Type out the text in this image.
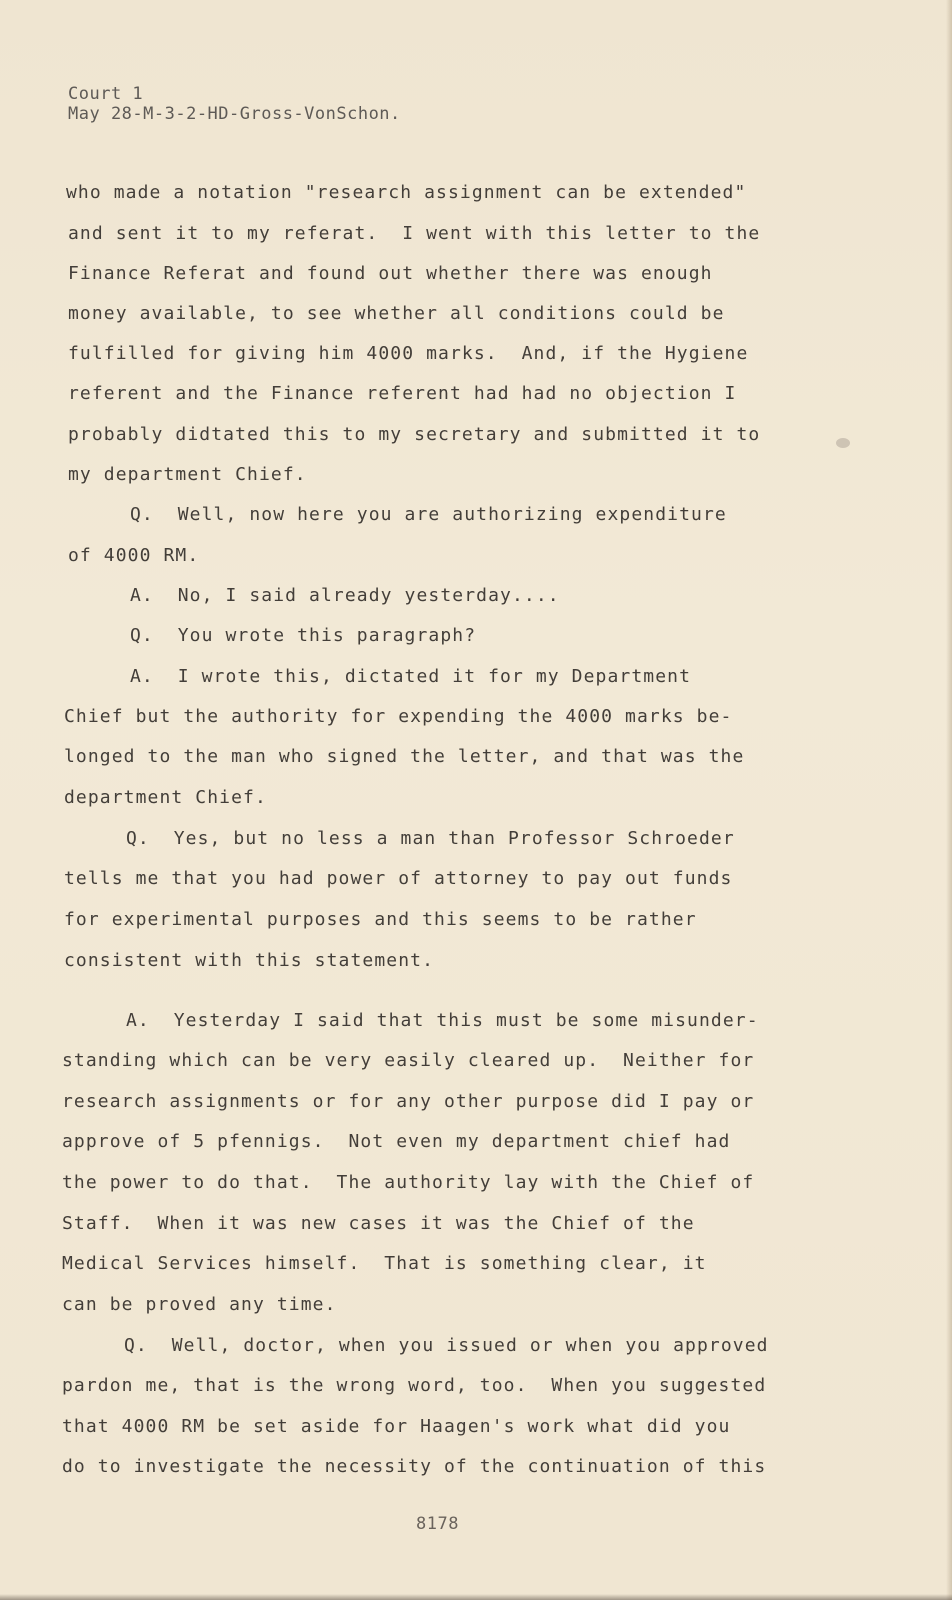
Court 1
May 28-M-3-2-HD-Gross-VonSchon.
who made a notation "research assignment can be extended"
and sent it to my referat.  I went with this letter to the
Finance Referat and found out whether there was enough
money available, to see whether all conditions could be
fulfilled for giving him 4000 marks.  And, if the Hygiene
referent and the Finance referent had had no objection I
probably didtated this to my secretary and submitted it to
my department Chief.
Q.  Well, now here you are authorizing expenditure
of 4000 RM.
A.  No, I said already yesterday....
Q.  You wrote this paragraph?
A.  I wrote this, dictated it for my Department
Chief but the authority for expending the 4000 marks be-
longed to the man who signed the letter, and that was the
department Chief.
Q.  Yes, but no less a man than Professor Schroeder
tells me that you had power of attorney to pay out funds
for experimental purposes and this seems to be rather
consistent with this statement.
A.  Yesterday I said that this must be some misunder-
standing which can be very easily cleared up.  Neither for
research assignments or for any other purpose did I pay or
approve of 5 pfennigs.  Not even my department chief had
the power to do that.  The authority lay with the Chief of
Staff.  When it was new cases it was the Chief of the
Medical Services himself.  That is something clear, it
can be proved any time.
Q.  Well, doctor, when you issued or when you approved
pardon me, that is the wrong word, too.  When you suggested
that 4000 RM be set aside for Haagen's work what did you
do to investigate the necessity of the continuation of this
8178
